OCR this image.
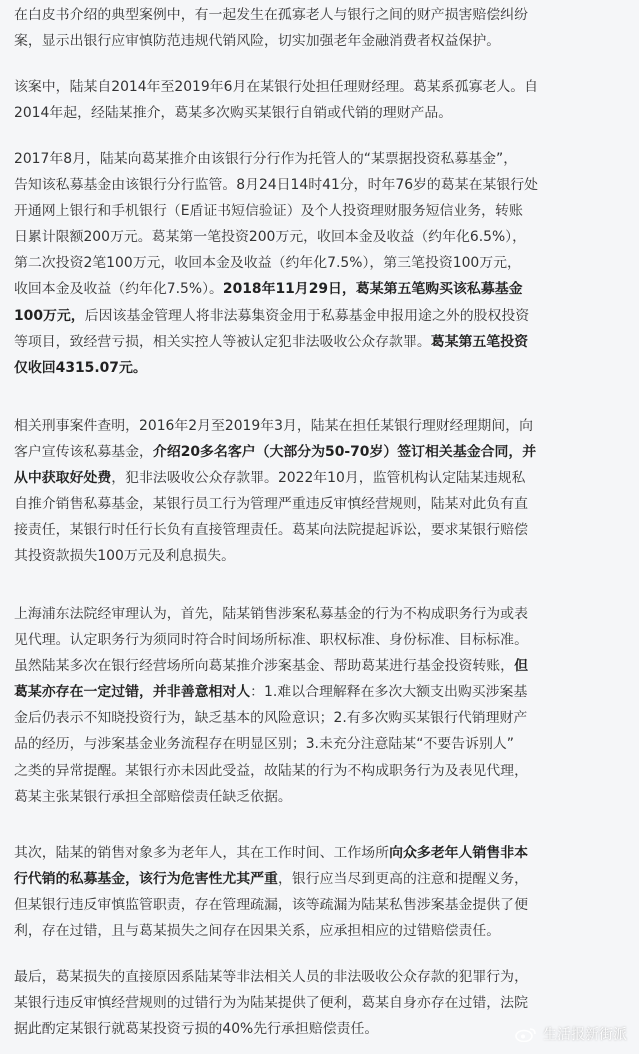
在白皮书介绍的典型案例中，有一起发生在孤寡老人与银行之间的财产损害赔偿纠纷
案，显示出银行应审慎防范违规代销风险，切实加强老年金融消费者权益保护。

该案中，陆某自2014年至2019年6月在某银行处担任理财经理。葛某系孤寡老人。自
2014年起，经陆某推介，葛某多次购买某银行自销或代销的理财产品。

2017年8月，陆某向葛某推介由该银行分行作为托管人的“某票据投资私募基金”，
告知该私募基金由该银行分行监管。8月24日14时41分，时年76岁的葛某在某银行处
开通网上银行和手机银行（E盾证书短信验证）及个人投资理财服务短信业务，转账
日累计限额200万元。葛某第一笔投资200万元，收回本金及收益（约年化6.5%），
第二次投资2笔100万元，收回本金及收益（约年化7.5%），第三笔投资100万元，
收回本金及收益（约年化7.5%）。2018年11月29日，葛某第五笔购买该私募基金
100万元，后因该基金管理人将非法募集资金用于私募基金申报用途之外的股权投资
等项目，致经营亏损，相关实控人等被认定犯非法吸收公众存款罪。葛某第五笔投资
仅收回4315.07元。

相关刑事案件查明，2016年2月至2019年3月，陆某在担任某银行理财经理期间，向
客户宣传该私募基金，介绍20多名客户（大部分为50-70岁）签订相关基金合同，并
从中获取好处费，犯非法吸收公众存款罪。2022年10月，监管机构认定陆某违规私
自推介销售私募基金，某银行员工行为管理严重违反审慎经营规则，陆某对此负有直
接责任，某银行时任行长负有直接管理责任。葛某向法院提起诉讼，要求某银行赔偿
其投资款损失100万元及利息损失。

上海浦东法院经审理认为，首先，陆某销售涉案私募基金的行为不构成职务行为或表
见代理。认定职务行为须同时符合时间场所标准、职权标准、身份标准、目标标准。
虽然陆某多次在银行经营场所向葛某推介涉案基金、帮助葛某进行基金投资转账，但
葛某亦存在一定过错，并非善意相对人：1.难以合理解释在多次大额支出购买涉案基
金后仍表示不知晓投资行为，缺乏基本的风险意识；2.有多次购买某银行代销理财产
品的经历，与涉案基金业务流程存在明显区别；3.未充分注意陆某“不要告诉别人”
之类的异常提醒。某银行亦未因此受益，故陆某的行为不构成职务行为及表见代理，
葛某主张某银行承担全部赔偿责任缺乏依据。

其次，陆某的销售对象多为老年人，其在工作时间、工作场所向众多老年人销售非本
行代销的私募基金，该行为危害性尤其严重，银行应当尽到更高的注意和提醒义务，
但某银行违反审慎监管职责，存在管理疏漏，该等疏漏为陆某私售涉案基金提供了便
利，存在过错，且与葛某损失之间存在因果关系，应承担相应的过错赔偿责任。

最后，葛某损失的直接原因系陆某等非法相关人员的非法吸收公众存款的犯罪行为，
某银行违反审慎经营规则的过错行为为陆某提供了便利，葛某自身亦存在过错，法院
据此酌定某银行就葛某投资亏损的40%先行承担赔偿责任。	生活报新街派
